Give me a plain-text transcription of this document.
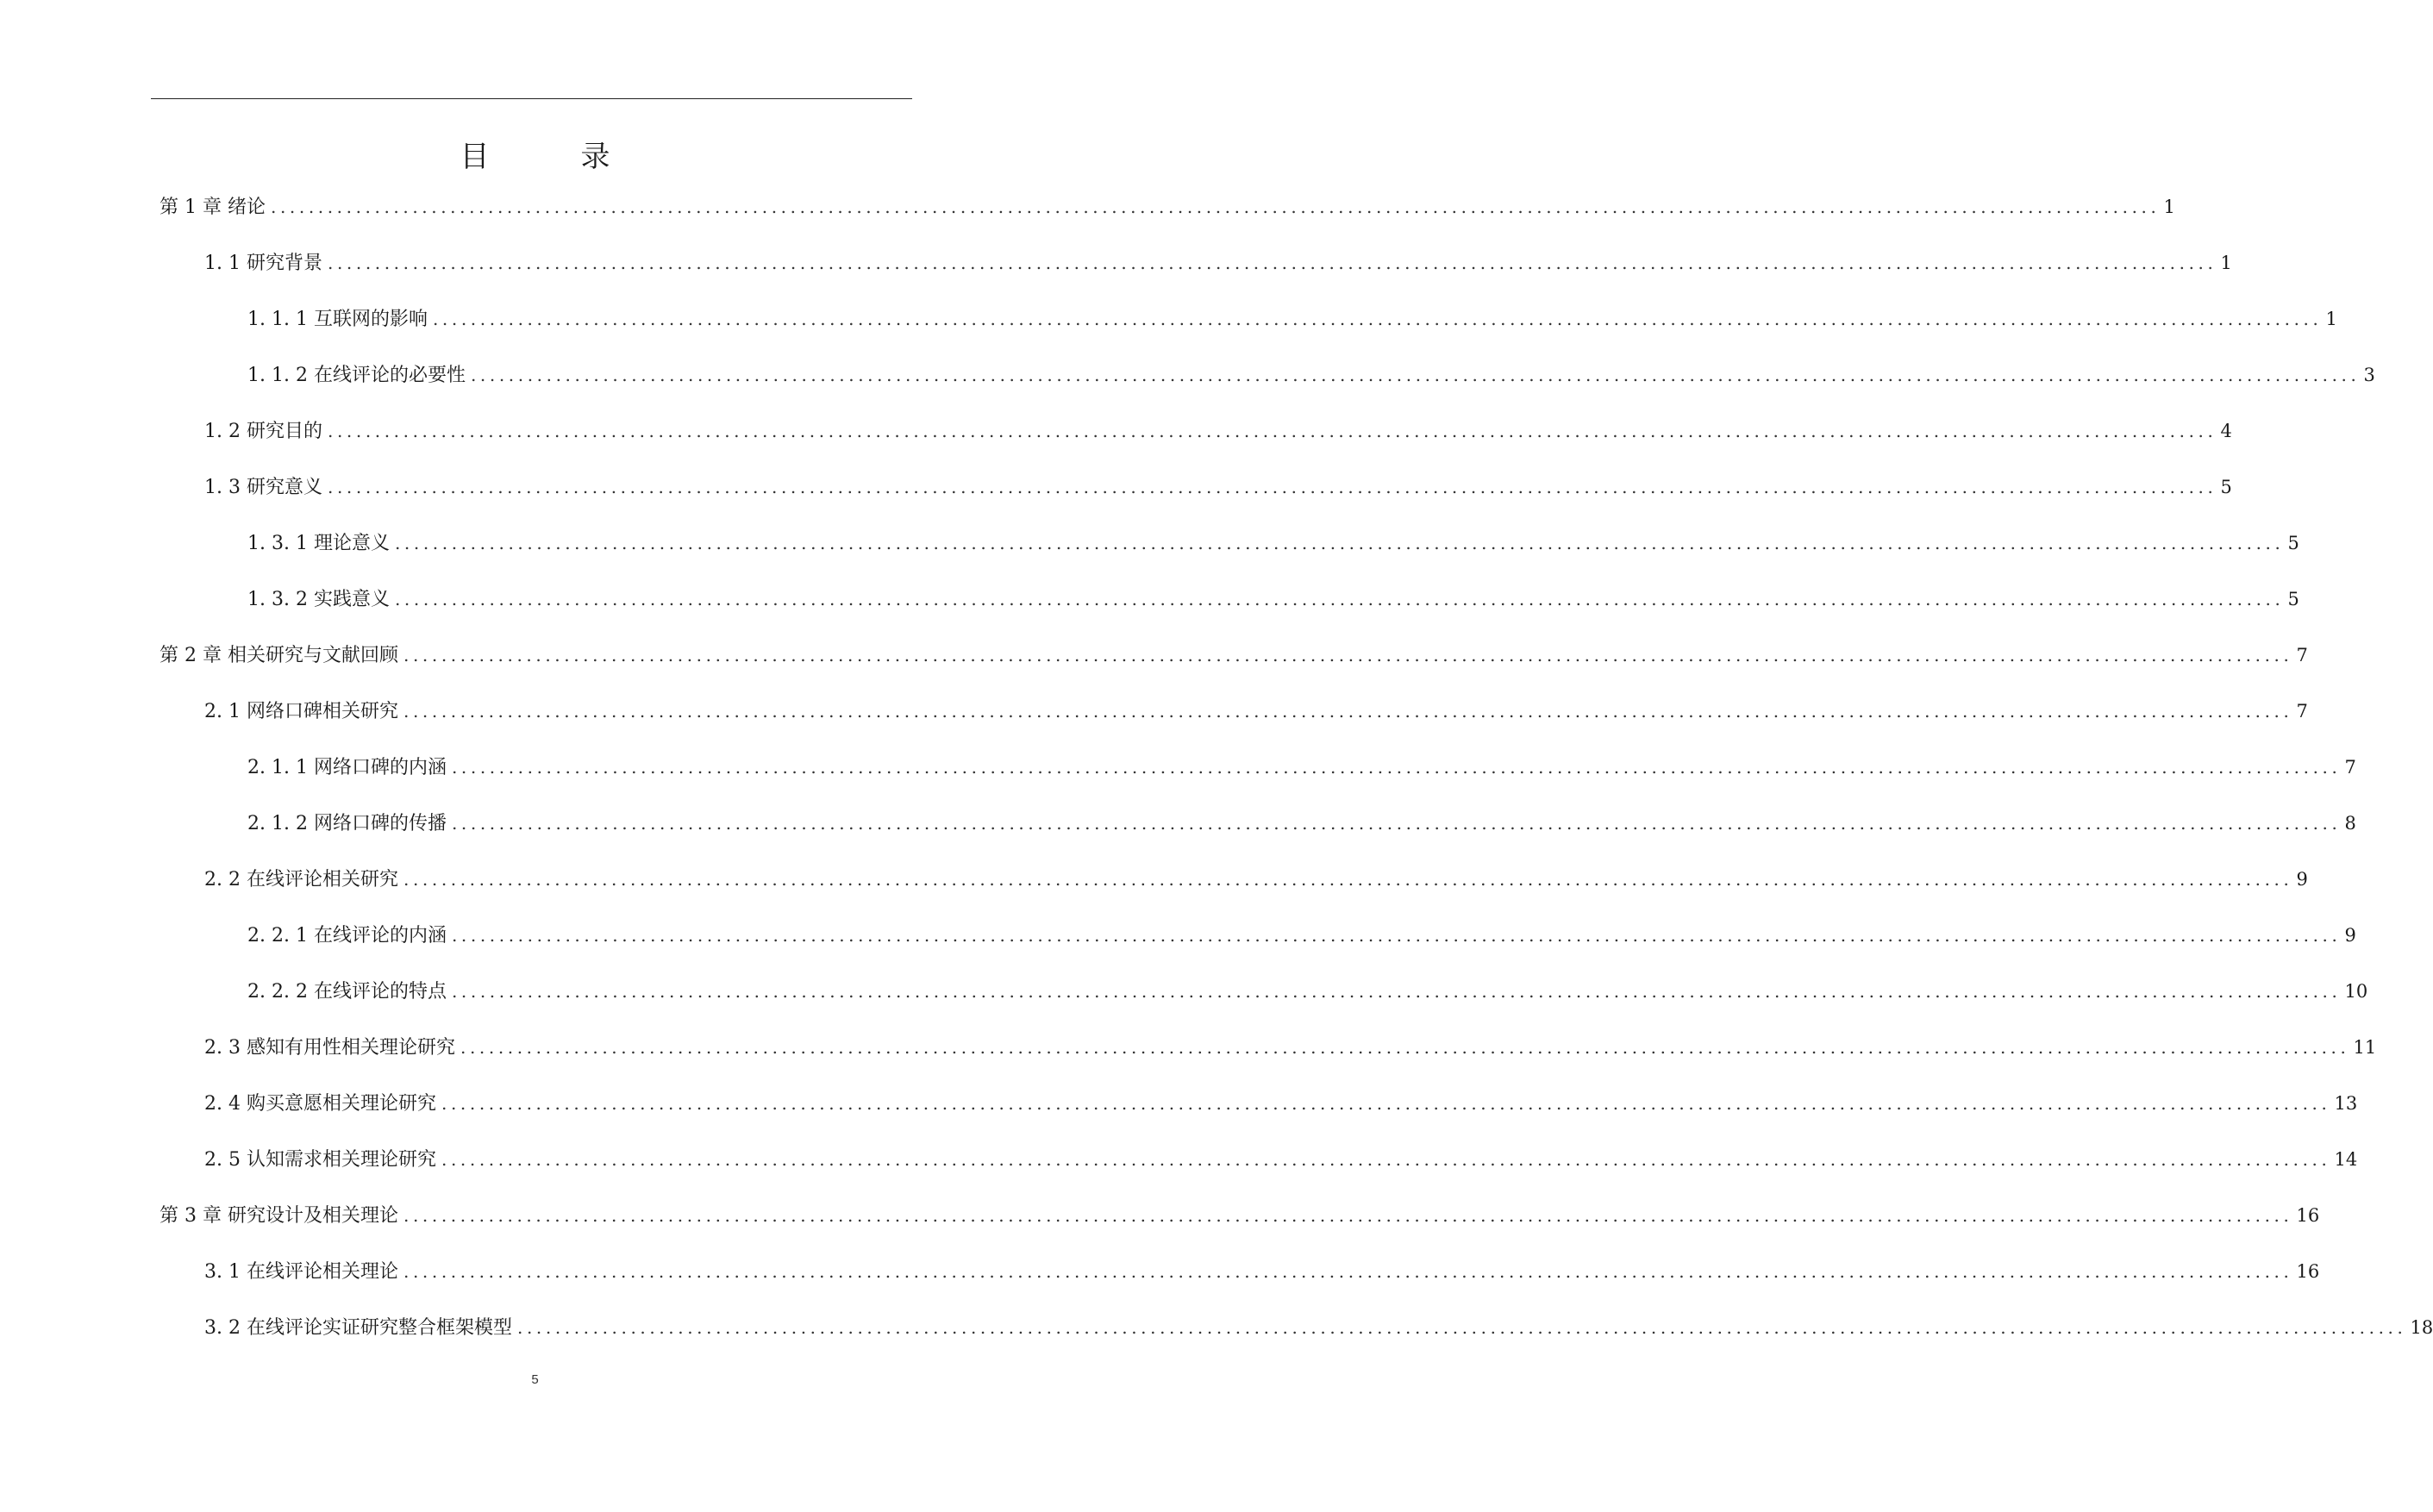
目　录
第 1 章 绪论 ........................................................................................................................................................................................................ 1
1. 1 研究背景 ........................................................................................................................................................................................................ 1
1. 1. 1 互联网的影响 ........................................................................................................................................................................................................ 1
1. 1. 2 在线评论的必要性 ........................................................................................................................................................................................................ 3
1. 2 研究目的 ........................................................................................................................................................................................................ 4
1. 3 研究意义 ........................................................................................................................................................................................................ 5
1. 3. 1 理论意义 ........................................................................................................................................................................................................ 5
1. 3. 2 实践意义 ........................................................................................................................................................................................................ 5
第 2 章 相关研究与文献回顾 ........................................................................................................................................................................................................ 7
2. 1 网络口碑相关研究 ........................................................................................................................................................................................................ 7
2. 1. 1 网络口碑的内涵 ........................................................................................................................................................................................................ 7
2. 1. 2 网络口碑的传播 ........................................................................................................................................................................................................ 8
2. 2 在线评论相关研究 ........................................................................................................................................................................................................ 9
2. 2. 1 在线评论的内涵 ........................................................................................................................................................................................................ 9
2. 2. 2 在线评论的特点 ........................................................................................................................................................................................................ 10
2. 3 感知有用性相关理论研究 ........................................................................................................................................................................................................ 11
2. 4 购买意愿相关理论研究 ........................................................................................................................................................................................................ 13
2. 5 认知需求相关理论研究 ........................................................................................................................................................................................................ 14
第 3 章 研究设计及相关理论 ........................................................................................................................................................................................................ 16
3. 1 在线评论相关理论 ........................................................................................................................................................................................................ 16
3. 2 在线评论实证研究整合框架模型 ........................................................................................................................................................................................................ 18
5
